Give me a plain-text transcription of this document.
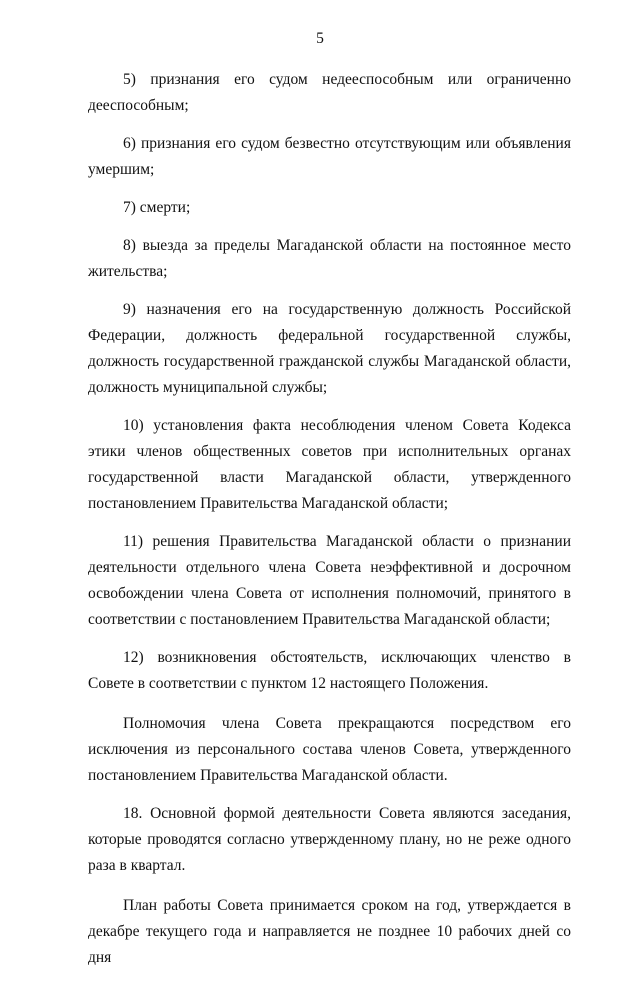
5

5) признания его судом недееспособным или ограниченно дееспособным;

6) признания его судом безвестно отсутствующим или объявления умершим;

7) смерти;

8) выезда за пределы Магаданской области на постоянное место жительства;

9) назначения его на государственную должность Российской Федерации, должность федеральной государственной службы, должность государственной гражданской службы Магаданской области, должность муниципальной службы;

10) установления факта несоблюдения членом Совета Кодекса этики членов общественных советов при исполнительных органах государственной власти Магаданской области, утвержденного постановлением Правительства Магаданской области;

11) решения Правительства Магаданской области о признании деятельности отдельного члена Совета неэффективной и досрочном освобождении члена Совета от исполнения полномочий, принятого в соответствии с постановлением Правительства Магаданской области;

12) возникновения обстоятельств, исключающих членство в Совете в соответствии с пунктом 12 настоящего Положения.

Полномочия члена Совета прекращаются посредством его исключения из персонального состава членов Совета, утвержденного постановлением Правительства Магаданской области.

18. Основной формой деятельности Совета являются заседания, которые проводятся согласно утвержденному плану, но не реже одного раза в квартал.

План работы Совета принимается сроком на год, утверждается в декабре текущего года и направляется не позднее 10 рабочих дней со дня
